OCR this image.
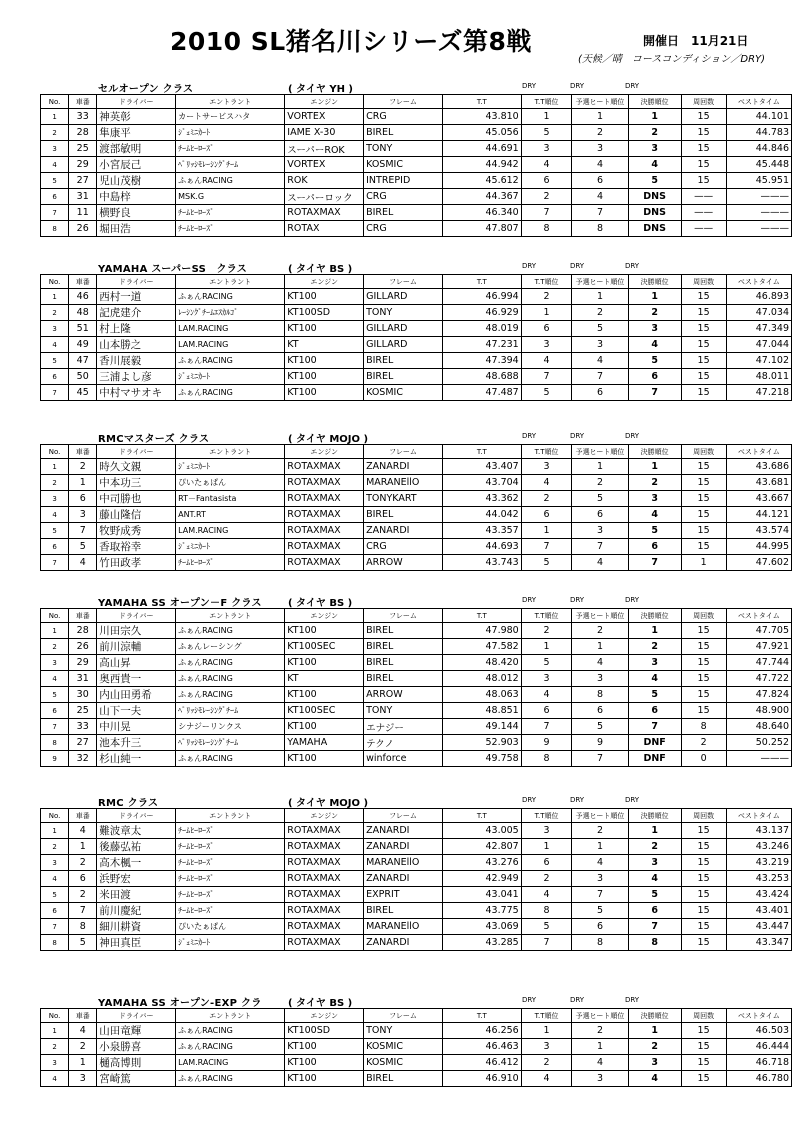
2010 SL猪名川シリーズ第8戦	開催日　11月21日
(天候／晴　コースコンディション／DRY)
セルオープン クラス	( タイヤ YH )	DRY	DRY	DRY
No.	車番	ドライバー	エントラント	エンジン	フレーム	T.T	T.T順位	予選ヒート順位	決勝順位	周回数	ベストタイム
1	33	神英彰	カートサービスハタ	VORTEX	CRG	43.810	1	1	1	15	44.101
2	28	隼康平	ｼﾞｪﾐﾆｶｰﾄ	IAME X-30	BIREL	45.056	5	2	2	15	44.783
3	25	渡部敏明	ﾁｰﾑﾋｰﾛｰｽﾞ	スーパーROK	TONY	44.691	3	3	3	15	44.846
4	29	小宮辰己	ﾍﾟﾘｯｼﾓﾚｰｼﾝｸﾞﾁｰﾑ	VORTEX	KOSMIC	44.942	4	4	4	15	45.448
5	27	児山茂樹	ふぁんRACING	ROK	INTREPID	45.612	6	6	5	15	45.951
6	31	中島梓	MSK.G	スーパーロック	CRG	44.367	2	4	DNS	——	———
7	11	横野良	ﾁｰﾑﾋｰﾛｰｽﾞ	ROTAXMAX	BIREL	46.340	7	7	DNS	——	———
8	26	堀田浩	ﾁｰﾑﾋｰﾛｰｽﾞ	ROTAX	CRG	47.807	8	8	DNS	——	———
YAMAHA スーパーSS　クラス	( タイヤ BS )	DRY	DRY	DRY
No.	車番	ドライバー	エントラント	エンジン	フレーム	T.T	T.T順位	予選ヒート順位	決勝順位	周回数	ベストタイム
1	46	西村一道	ふぁんRACING	KT100	GILLARD	46.994	2	1	1	15	46.893
2	48	記虎建介	ﾚｰｼﾝｸﾞﾁｰﾑｴｽｶﾙｺﾞ	KT100SD	TONY	46.929	1	2	2	15	47.034
3	51	村上隆	LAM.RACING	KT100	GILLARD	48.019	6	5	3	15	47.349
4	49	山本勝之	LAM.RACING	KT	GILLARD	47.231	3	3	4	15	47.044
5	47	香川展毅	ふぁんRACING	KT100	BIREL	47.394	4	4	5	15	47.102
6	50	三浦よし彦	ｼﾞｪﾐﾆｶｰﾄ	KT100	BIREL	48.688	7	7	6	15	48.011
7	45	中村マサオキ	ふぁんRACING	KT100	KOSMIC	47.487	5	6	7	15	47.218
RMCマスターズ クラス	( タイヤ MOJO )	DRY	DRY	DRY
No.	車番	ドライバー	エントラント	エンジン	フレーム	T.T	T.T順位	予選ヒート順位	決勝順位	周回数	ベストタイム
1	2	時久文親	ｼﾞｪﾐﾆｶｰﾄ	ROTAXMAX	ZANARDI	43.407	3	1	1	15	43.686
2	1	中本功三	ぴいたぁぱん	ROTAXMAX	MARANEllO	43.704	4	2	2	15	43.681
3	6	中司勝也	RT－Fantasista	ROTAXMAX	TONYKART	43.362	2	5	3	15	43.667
4	3	藤山隆信	ANT.RT	ROTAXMAX	BIREL	44.042	6	6	4	15	44.121
5	7	牧野成秀	LAM.RACING	ROTAXMAX	ZANARDI	43.357	1	3	5	15	43.574
6	5	香取裕幸	ｼﾞｪﾐﾆｶｰﾄ	ROTAXMAX	CRG	44.693	7	7	6	15	44.995
7	4	竹田政孝	ﾁｰﾑﾋｰﾛｰｽﾞ	ROTAXMAX	ARROW	43.743	5	4	7	1	47.602
YAMAHA SS オープン－F クラス	( タイヤ BS )	DRY	DRY	DRY
No.	車番	ドライバー	エントラント	エンジン	フレーム	T.T	T.T順位	予選ヒート順位	決勝順位	周回数	ベストタイム
1	28	川田宗久	ふぁんRACING	KT100	BIREL	47.980	2	2	1	15	47.705
2	26	前川涼輔	ふぁんレーシング	KT100SEC	BIREL	47.582	1	1	2	15	47.921
3	29	高山昇	ふぁんRACING	KT100	BIREL	48.420	5	4	3	15	47.744
4	31	奥西貴一	ふぁんRACING	KT	BIREL	48.012	3	3	4	15	47.722
5	30	内山田勇希	ふぁんRACING	KT100	ARROW	48.063	4	8	5	15	47.824
6	25	山下一夫	ﾍﾟﾘｯｼﾓﾚｰｼﾝｸﾞﾁｰﾑ	KT100SEC	TONY	48.851	6	6	6	15	48.900
7	33	中川晃	シナジーリンクス	KT100	エナジー	49.144	7	5	7	8	48.640
8	27	池本升三	ﾍﾟﾘｯｼﾓﾚｰｼﾝｸﾞﾁｰﾑ	YAMAHA	テクノ	52.903	9	9	DNF	2	50.252
9	32	杉山純一	ふぁんRACING	KT100	winforce	49.758	8	7	DNF	0	———
RMC クラス	( タイヤ MOJO )	DRY	DRY	DRY
No.	車番	ドライバー	エントラント	エンジン	フレーム	T.T	T.T順位	予選ヒート順位	決勝順位	周回数	ベストタイム
1	4	難波章太	ﾁｰﾑﾋｰﾛｰｽﾞ	ROTAXMAX	ZANARDI	43.005	3	2	1	15	43.137
2	1	後藤弘祐	ﾁｰﾑﾋｰﾛｰｽﾞ	ROTAXMAX	ZANARDI	42.807	1	1	2	15	43.246
3	2	高木楓一	ﾁｰﾑﾋｰﾛｰｽﾞ	ROTAXMAX	MARANEllO	43.276	6	4	3	15	43.219
4	6	浜野宏	ﾁｰﾑﾋｰﾛｰｽﾞ	ROTAXMAX	ZANARDI	42.949	2	3	4	15	43.253
5	2	米田渡	ﾁｰﾑﾋｰﾛｰｽﾞ	ROTAXMAX	EXPRIT	43.041	4	7	5	15	43.424
6	7	前川慶紀	ﾁｰﾑﾋｰﾛｰｽﾞ	ROTAXMAX	BIREL	43.775	8	5	6	15	43.401
7	8	細川耕資	ぴいたぁぱん	ROTAXMAX	MARANEllO	43.069	5	6	7	15	43.447
8	5	神田真臣	ｼﾞｪﾐﾆｶｰﾄ	ROTAXMAX	ZANARDI	43.285	7	8	8	15	43.347
YAMAHA SS オープン-EXP クラ	( タイヤ BS )	DRY	DRY	DRY
No.	車番	ドライバー	エントラント	エンジン	フレーム	T.T	T.T順位	予選ヒート順位	決勝順位	周回数	ベストタイム
1	4	山田竜輝	ふぁんRACING	KT100SD	TONY	46.256	1	2	1	15	46.503
2	2	小泉勝喜	ふぁんRACING	KT100	KOSMIC	46.463	3	1	2	15	46.444
3	1	樋高博則	LAM.RACING	KT100	KOSMIC	46.412	2	4	3	15	46.718
4	3	宮崎篤	ふぁんRACING	KT100	BIREL	46.910	4	3	4	15	46.780
